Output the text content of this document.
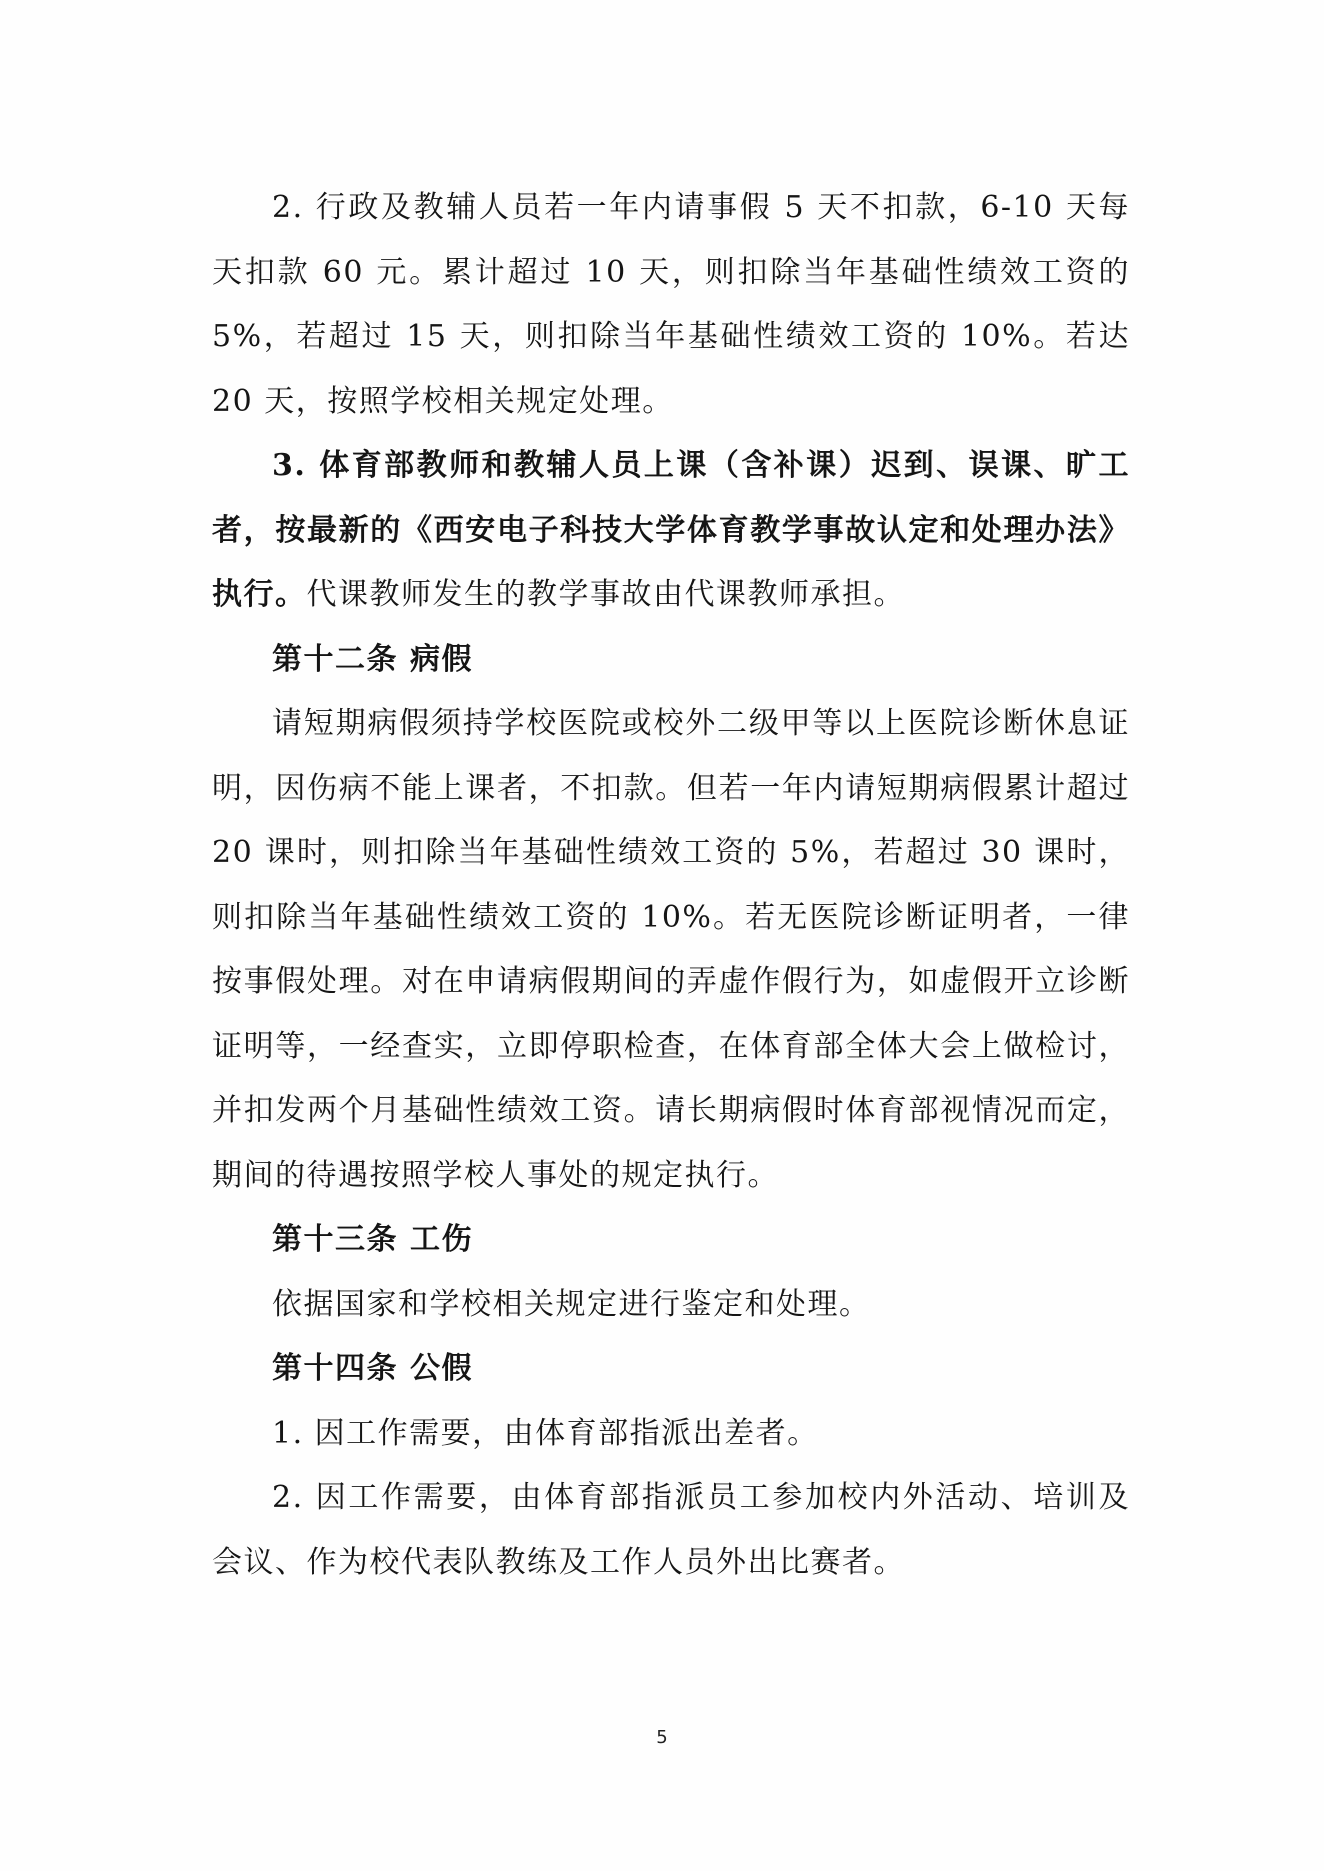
2. 行政及教辅人员若一年内请事假 5 天不扣款，6-10 天每天扣款 60 元。累计超过 10 天，则扣除当年基础性绩效工资的 5%，若超过 15 天，则扣除当年基础性绩效工资的 10%。若达 20 天，按照学校相关规定处理。

3. 体育部教师和教辅人员上课（含补课）迟到、误课、旷工者，按最新的《西安电子科技大学体育教学事故认定和处理办法》执行。代课教师发生的教学事故由代课教师承担。

第十二条 病假

请短期病假须持学校医院或校外二级甲等以上医院诊断休息证明，因伤病不能上课者，不扣款。但若一年内请短期病假累计超过 20 课时，则扣除当年基础性绩效工资的 5%，若超过 30 课时，则扣除当年基础性绩效工资的 10%。若无医院诊断证明者，一律按事假处理。对在申请病假期间的弄虚作假行为，如虚假开立诊断证明等，一经查实，立即停职检查，在体育部全体大会上做检讨，并扣发两个月基础性绩效工资。请长期病假时体育部视情况而定，期间的待遇按照学校人事处的规定执行。

第十三条 工伤

依据国家和学校相关规定进行鉴定和处理。

第十四条 公假

1. 因工作需要，由体育部指派出差者。

2. 因工作需要，由体育部指派员工参加校内外活动、培训及会议、作为校代表队教练及工作人员外出比赛者。

5
